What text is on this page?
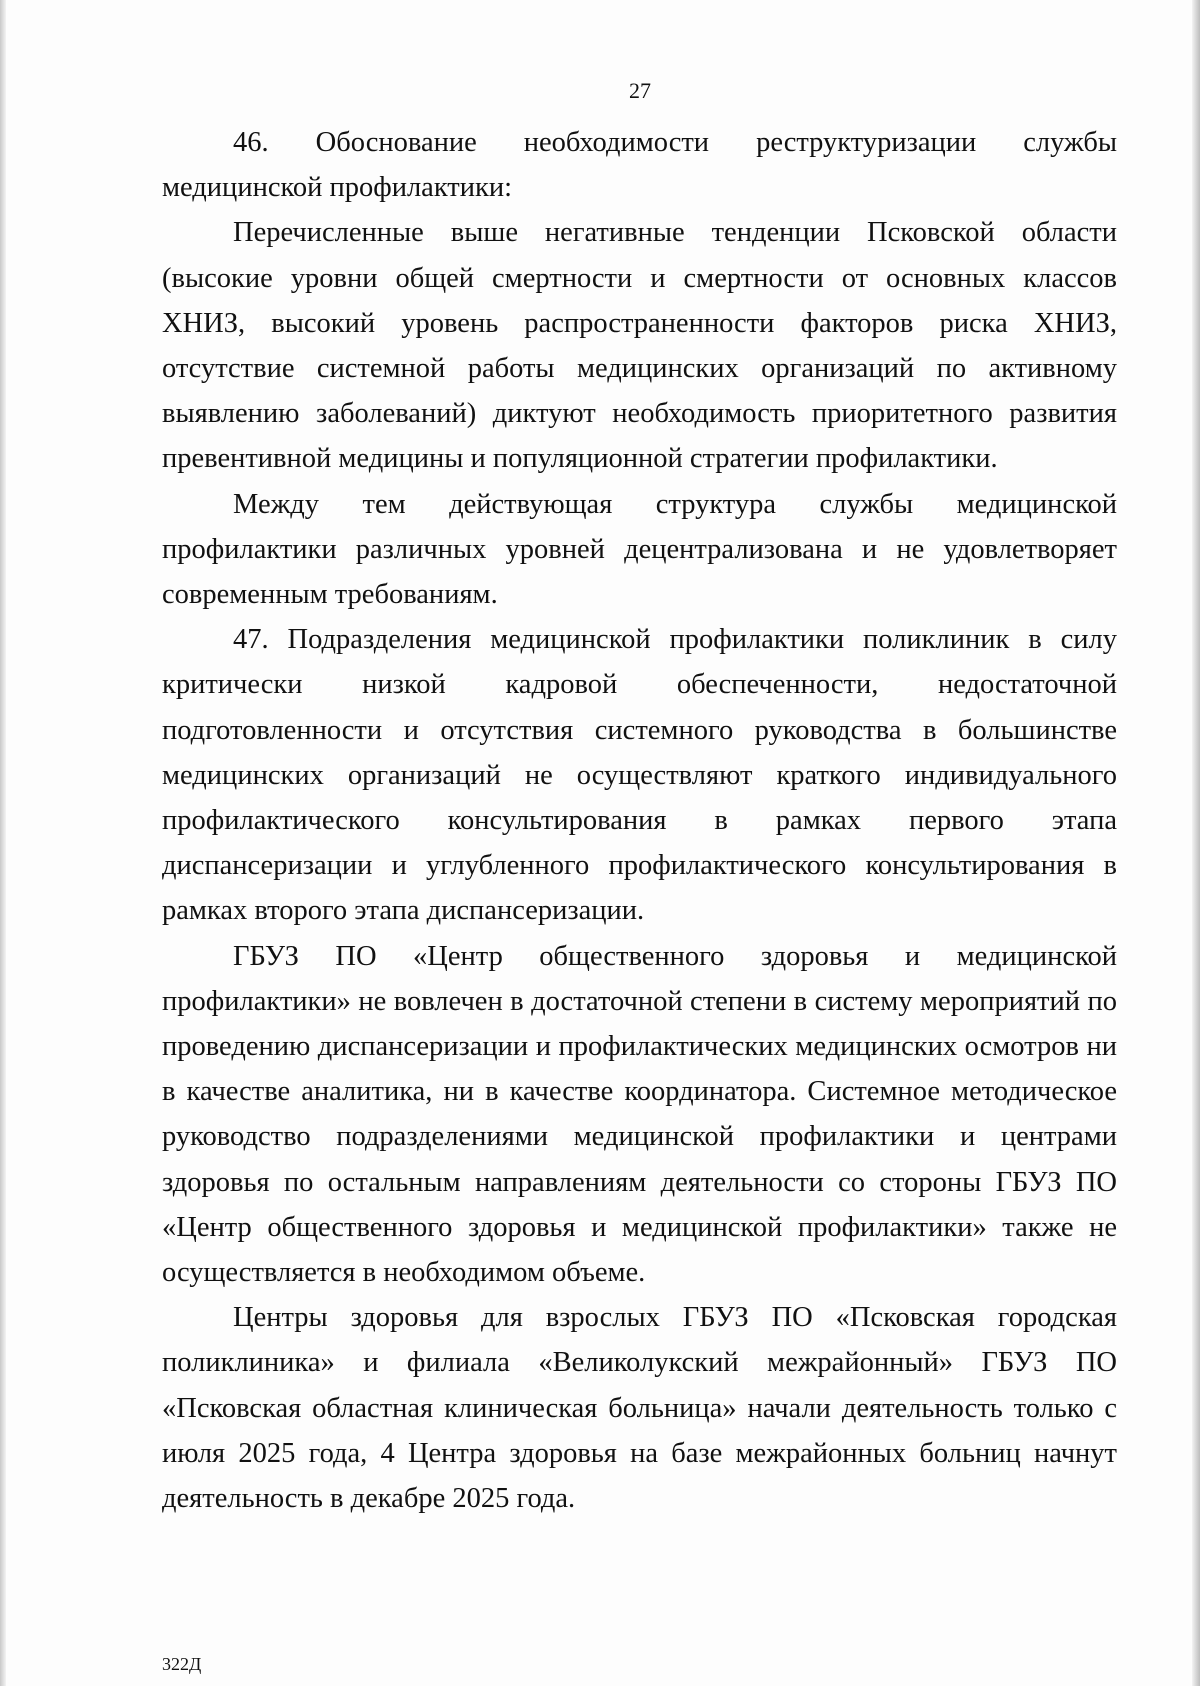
27

46. Обоснование необходимости реструктуризации службы медицинской профилактики:

Перечисленные выше негативные тенденции Псковской области (высокие уровни общей смертности и смертности от основных классов ХНИЗ, высокий уровень распространенности факторов риска ХНИЗ, отсутствие системной работы медицинских организаций по активному выявлению заболеваний) диктуют необходимость приоритетного развития превентивной медицины и популяционной стратегии профилактики.

Между тем действующая структура службы медицинской профилактики различных уровней децентрализована и не удовлетворяет современным требованиям.

47. Подразделения медицинской профилактики поликлиник в силу критически низкой кадровой обеспеченности, недостаточной подготовленности и отсутствия системного руководства в большинстве медицинских организаций не осуществляют краткого индивидуального профилактического консультирования в рамках первого этапа диспансеризации и углубленного профилактического консультирования в рамках второго этапа диспансеризации.

ГБУЗ ПО «Центр общественного здоровья и медицинской профилактики» не вовлечен в достаточной степени в систему мероприятий по проведению диспансеризации и профилактических медицинских осмотров ни в качестве аналитика, ни в качестве координатора. Системное методическое руководство подразделениями медицинской профилактики и центрами здоровья по остальным направлениям деятельности со стороны ГБУЗ ПО «Центр общественного здоровья и медицинской профилактики» также не осуществляется в необходимом объеме.

Центры здоровья для взрослых ГБУЗ ПО «Псковская городская поликлиника» и филиала «Великолукский межрайонный» ГБУЗ ПО «Псковская областная клиническая больница» начали деятельность только с июля 2025 года, 4 Центра здоровья на базе межрайонных больниц начнут деятельность в декабре 2025 года.

322Д
